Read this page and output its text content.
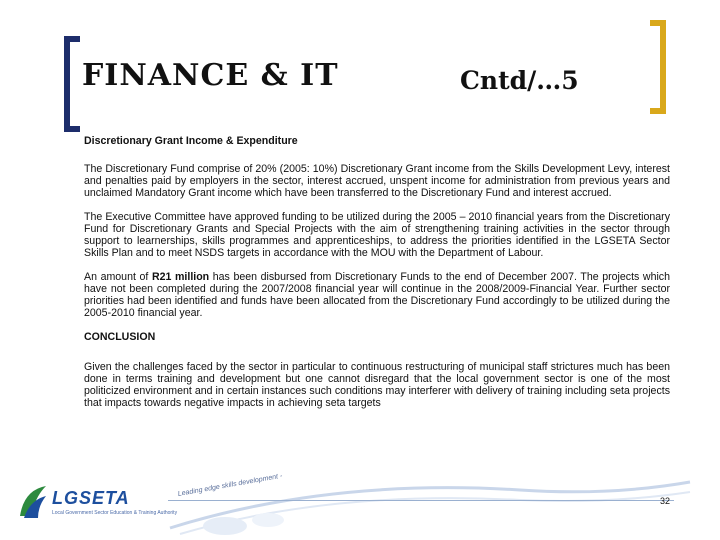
FINANCE & IT	Cntd/…5

Discretionary Grant Income & Expenditure

The Discretionary Fund comprise of 20% (2005: 10%) Discretionary Grant income from the Skills Development Levy, interest and penalties paid by employers in the sector, interest accrued, unspent income for administration from previous years and unclaimed Mandatory Grant income which have been transferred to the Discretionary Fund and interest accrued.

The Executive Committee have approved funding to be utilized during the 2005 – 2010 financial years from the Discretionary Fund for Discretionary Grants and Special Projects with the aim of strengthening training activities in the sector through support to learnerships, skills programmes and apprenticeships, to address the priorities identified in the LGSETA Sector Skills Plan and to meet NSDS targets in accordance with the MOU with the Department of Labour.

An amount of R21 million has been disbursed from Discretionary Funds to the end of December 2007. The projects which have not been completed during the 2007/2008 financial year will continue in the 2008/2009-Financial Year. Further sector priorities had been identified and funds have been allocated from the Discretionary Fund accordingly to be utilized during the 2005-2010 financial year.

CONCLUSION

Given the challenges faced by the sector in particular to continuous restructuring of municipal staff strictures much has been done in terms training and development but one cannot disregard that the local government sector is one of the most politicized environment and in certain instances such conditions may interferer with delivery of training including seta projects that impacts towards negative impacts in achieving seta targets

LGSETA
Local Government Sector Education & Training Authority
Leading edge skills development -
32
